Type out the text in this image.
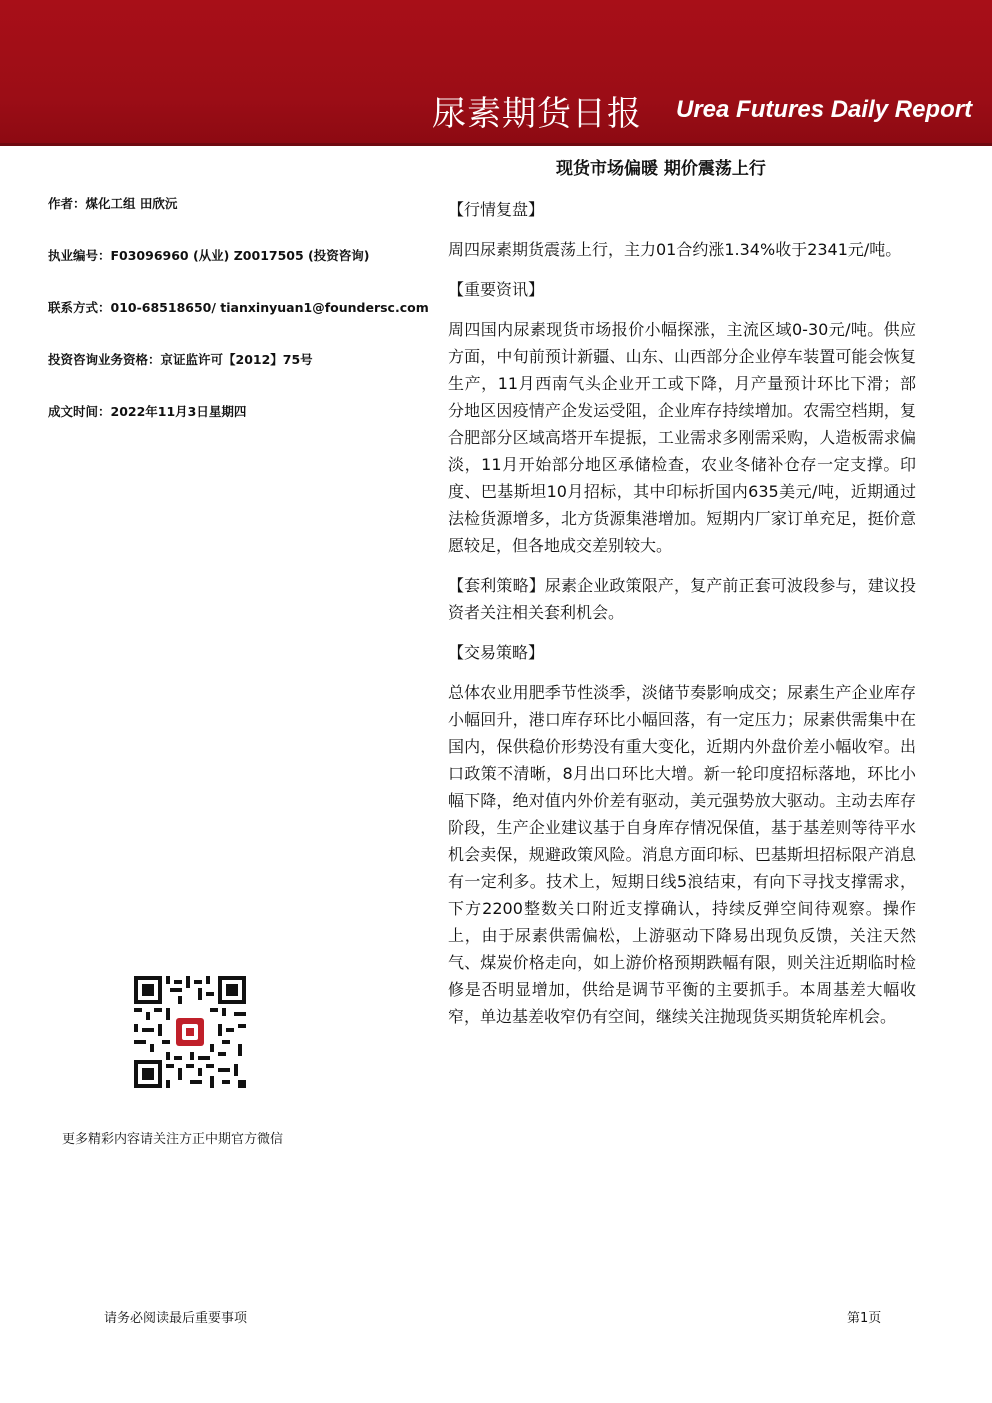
尿素期货日报 Urea Futures Daily Report
现货市场偏暖 期价震荡上行
作者：煤化工组 田欣沅
执业编号：F03096960 (从业) Z0017505 (投资咨询)
联系方式：010-68518650/ tianxinyuan1@foundersc.com
投资咨询业务资格：京证监许可【2012】75号
成文时间：2022年11月3日星期四
【行情复盘】
周四尿素期货震荡上行，主力01合约涨1.34%收于2341元/吨。
【重要资讯】
周四国内尿素现货市场报价小幅探涨，主流区域0-30元/吨。供应方面，中旬前预计新疆、山东、山西部分企业停车装置可能会恢复生产，11月西南气头企业开工或下降，月产量预计环比下滑；部分地区因疫情产企发运受阻，企业库存持续增加。农需空档期，复合肥部分区域高塔开车提振，工业需求多刚需采购，人造板需求偏淡，11月开始部分地区承储检查，农业冬储补仓存一定支撑。印度、巴基斯坦10月招标，其中印标折国内635美元/吨，近期通过法检货源增多，北方货源集港增加。短期内厂家订单充足，挺价意愿较足，但各地成交差别较大。
【套利策略】尿素企业政策限产，复产前正套可波段参与，建议投资者关注相关套利机会。
【交易策略】
总体农业用肥季节性淡季，淡储节奏影响成交；尿素生产企业库存小幅回升，港口库存环比小幅回落，有一定压力；尿素供需集中在国内，保供稳价形势没有重大变化，近期内外盘价差小幅收窄。出口政策不清晰，8月出口环比大增。新一轮印度招标落地，环比小幅下降，绝对值内外价差有驱动，美元强势放大驱动。主动去库存阶段，生产企业建议基于自身库存情况保值，基于基差则等待平水机会卖保，规避政策风险。消息方面印标、巴基斯坦招标限产消息有一定利多。技术上，短期日线5浪结束，有向下寻找支撑需求，下方2200整数关口附近支撑确认，持续反弹空间待观察。操作上，由于尿素供需偏松，上游驱动下降易出现负反馈，关注天然气、煤炭价格走向，如上游价格预期跌幅有限，则关注近期临时检修是否明显增加，供给是调节平衡的主要抓手。本周基差大幅收窄，单边基差收窄仍有空间，继续关注抛现货买期货轮库机会。
更多精彩内容请关注方正中期官方微信
请务必阅读最后重要事项	第1页
